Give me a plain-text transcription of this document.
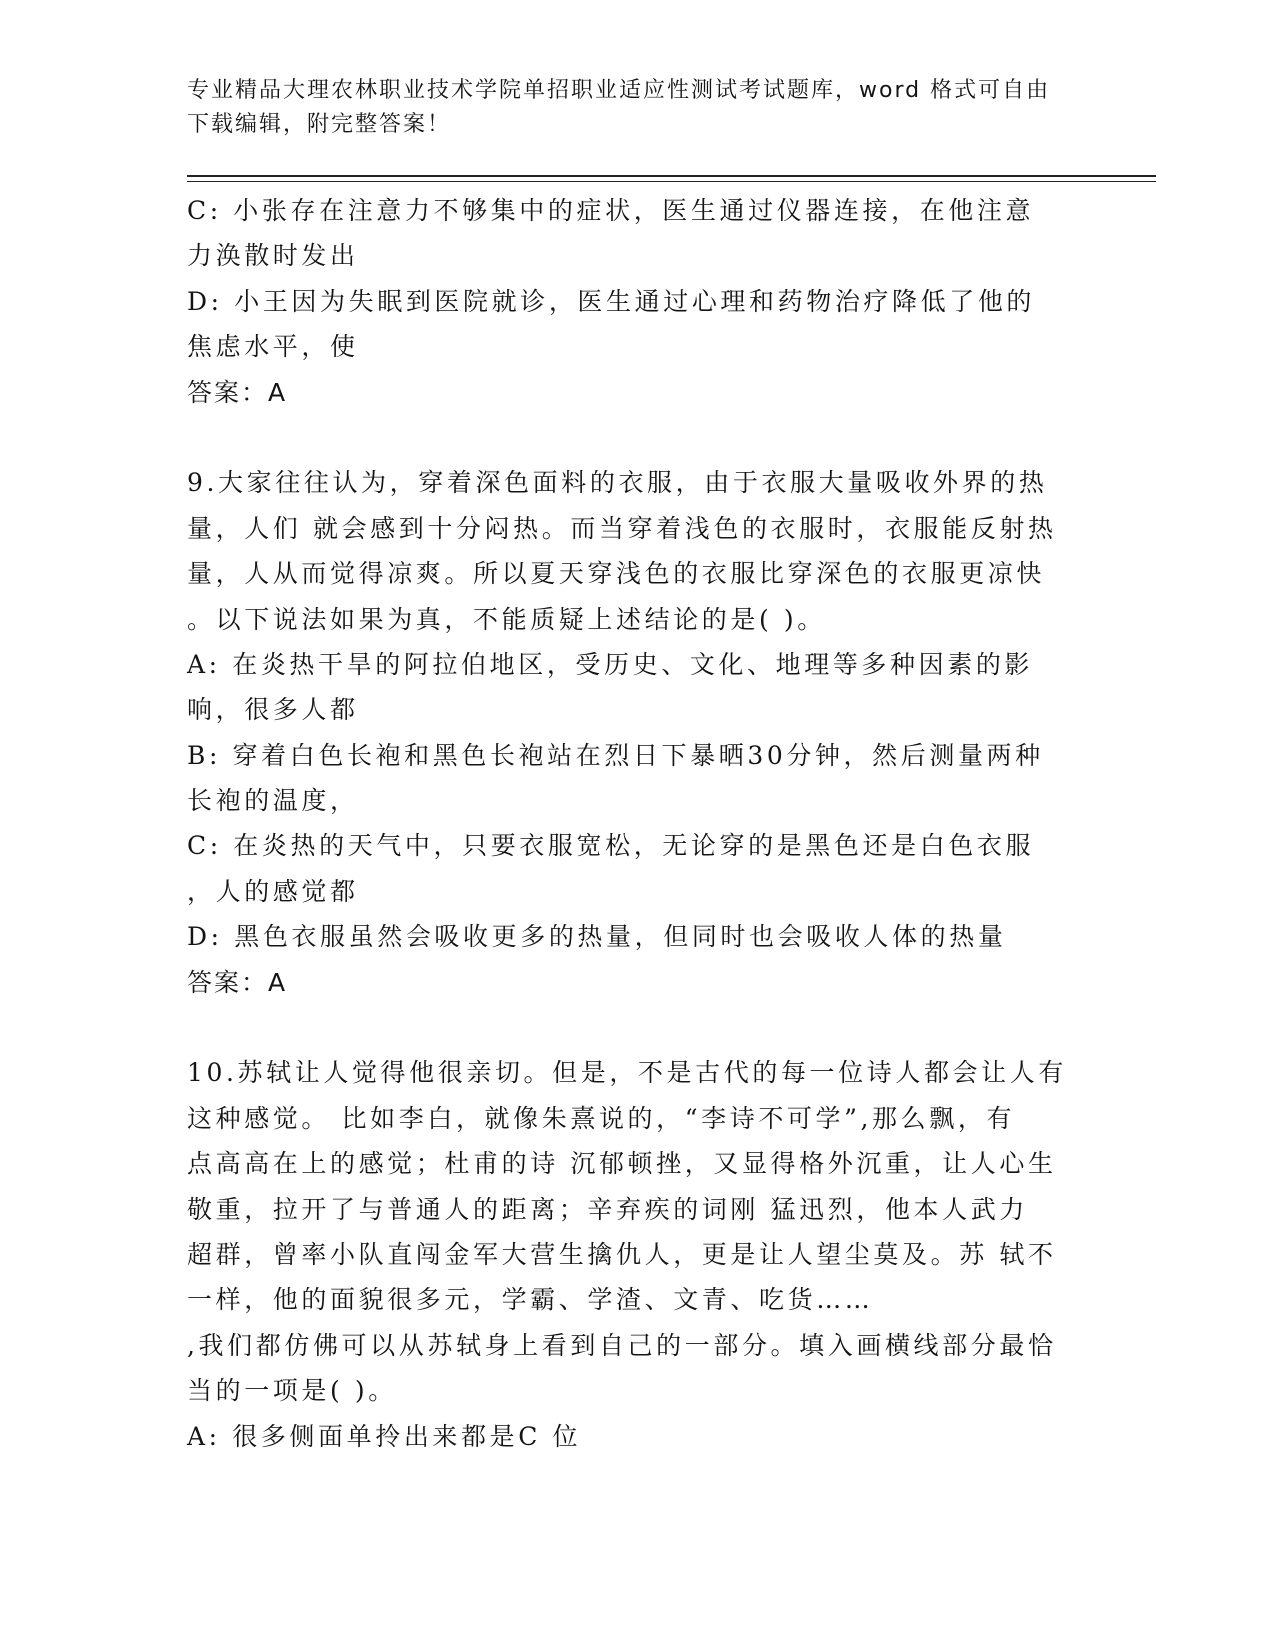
专业精品大理农林职业技术学院单招职业适应性测试考试题库，word 格式可自由
下载编辑，附完整答案！
C: 小张存在注意力不够集中的症状，医生通过仪器连接，在他注意
力涣散时发出
D: 小王因为失眠到医院就诊，医生通过心理和药物治疗降低了他的
焦虑水平，使
答案：A
9.大家往往认为，穿着深色面料的衣服，由于衣服大量吸收外界的热
量，人们 就会感到十分闷热。而当穿着浅色的衣服时，衣服能反射热
量，人从而觉得凉爽。所以夏天穿浅色的衣服比穿深色的衣服更凉快
。以下说法如果为真，不能质疑上述结论的是( )。
A: 在炎热干旱的阿拉伯地区，受历史、文化、地理等多种因素的影
响，很多人都
B: 穿着白色长袍和黑色长袍站在烈日下暴晒30分钟，然后测量两种
长袍的温度，
C: 在炎热的天气中，只要衣服宽松，无论穿的是黑色还是白色衣服
，人的感觉都
D: 黑色衣服虽然会吸收更多的热量，但同时也会吸收人体的热量
答案：A
10.苏轼让人觉得他很亲切。但是，不是古代的每一位诗人都会让人有
这种感觉。 比如李白，就像朱熹说的，“李诗不可学”,那么飘，有
点高高在上的感觉；杜甫的诗 沉郁顿挫，又显得格外沉重，让人心生
敬重，拉开了与普通人的距离；辛弃疾的词刚 猛迅烈，他本人武力
超群，曾率小队直闯金军大营生擒仇人，更是让人望尘莫及。苏 轼不
一样，他的面貌很多元，学霸、学渣、文青、吃货……
,我们都仿佛可以从苏轼身上看到自己的一部分。填入画横线部分最恰
当的一项是( )。
A: 很多侧面单拎出来都是C 位
